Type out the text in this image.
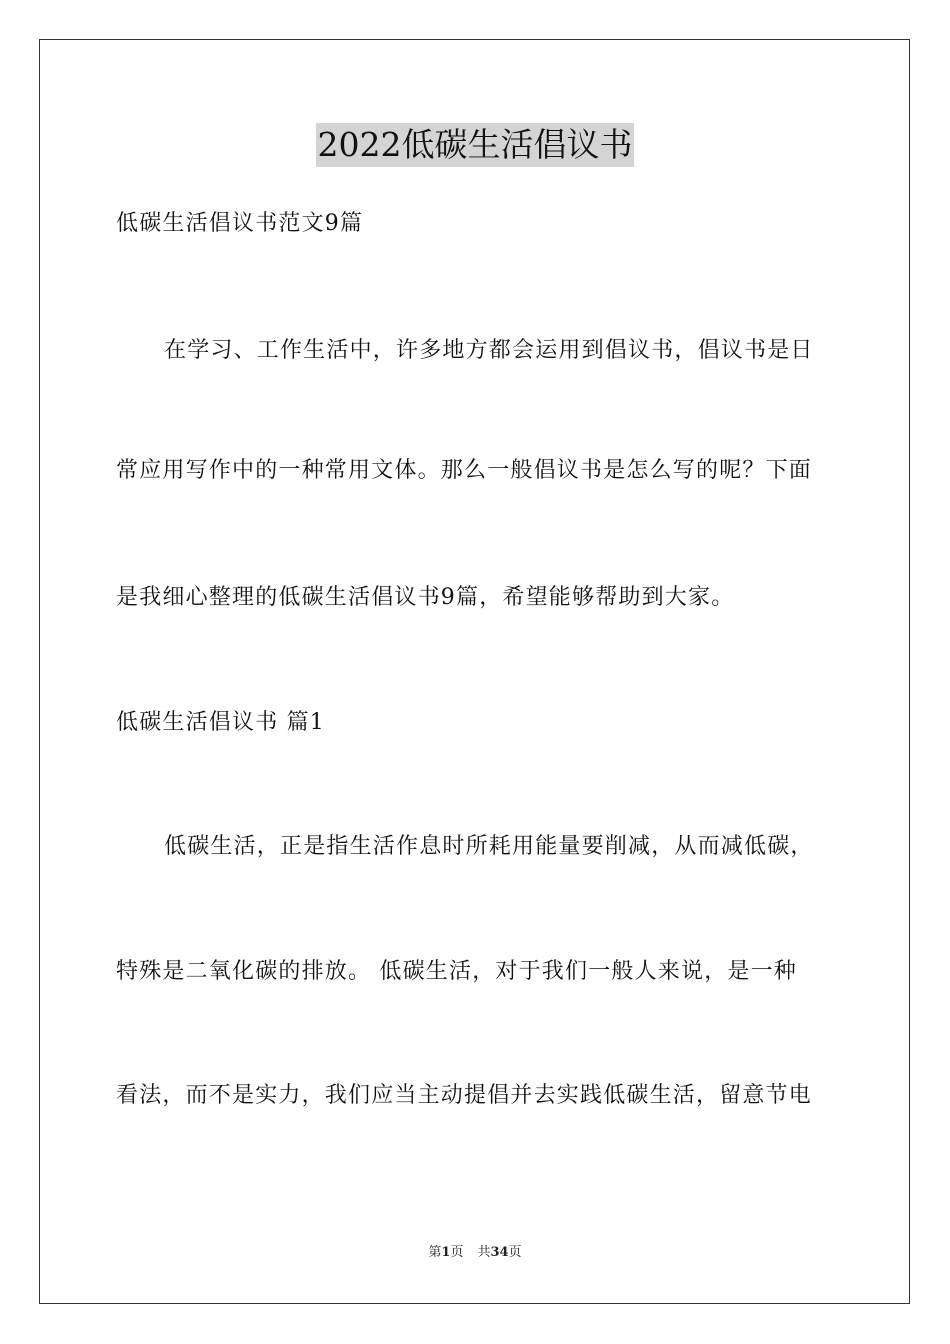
2022低碳生活倡议书
低碳生活倡议书范文9篇
在学习、工作生活中，许多地方都会运用到倡议书，倡议书是日
常应用写作中的一种常用文体。那么一般倡议书是怎么写的呢？下面
是我细心整理的低碳生活倡议书9篇，希望能够帮助到大家。
低碳生活倡议书 篇1
低碳生活，正是指生活作息时所耗用能量要削减，从而减低碳，
特殊是二氧化碳的排放。 低碳生活，对于我们一般人来说，是一种
看法，而不是实力，我们应当主动提倡并去实践低碳生活，留意节电
第1页 共34页
